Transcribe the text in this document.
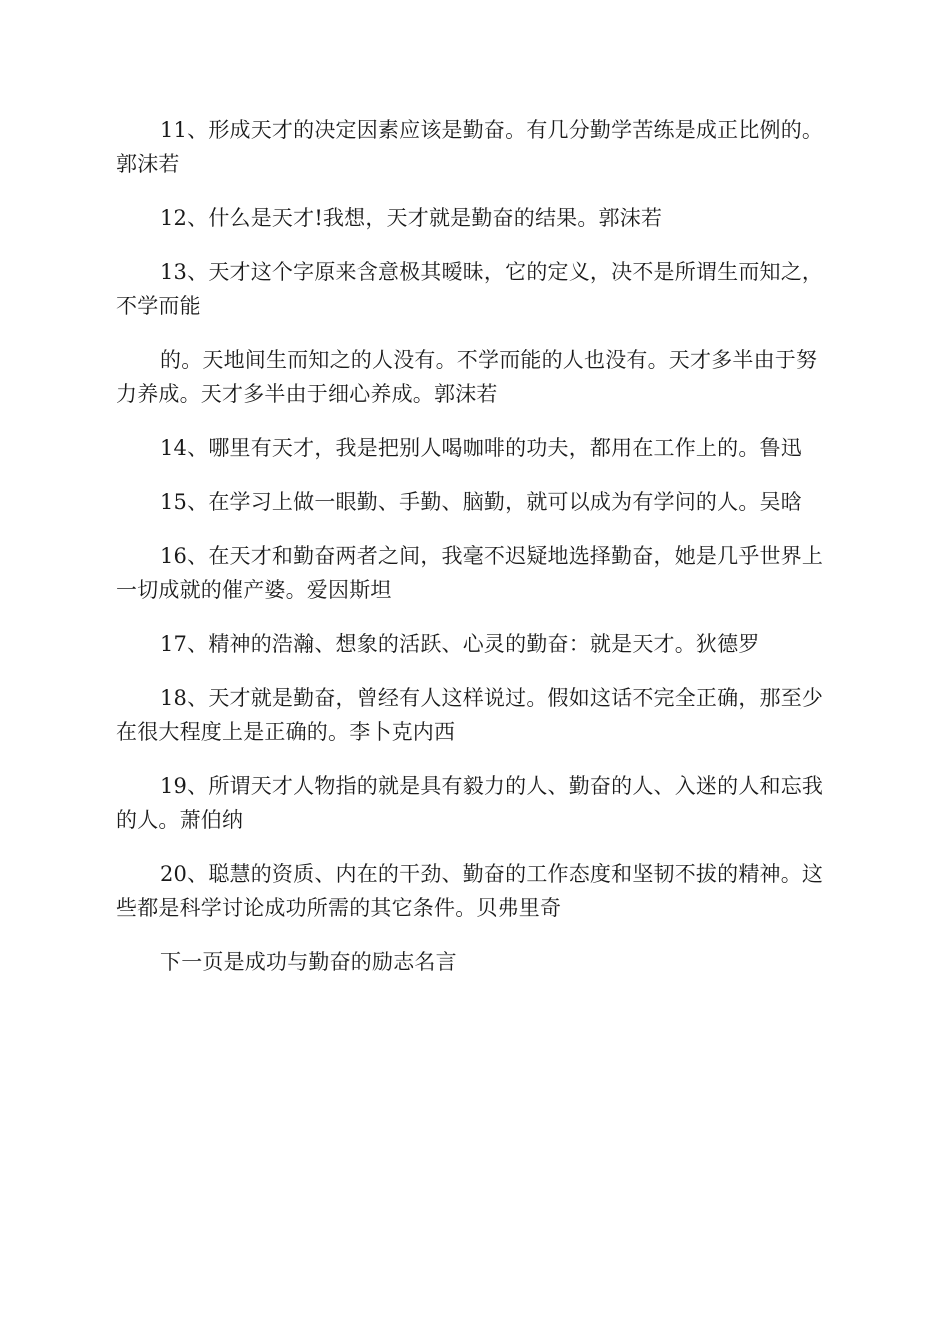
11、形成天才的决定因素应该是勤奋。有几分勤学苦练是成正比例的。郭沫若

12、什么是天才!我想，天才就是勤奋的结果。郭沫若

13、天才这个字原来含意极其暧昧，它的定义，决不是所谓生而知之，不学而能

的。天地间生而知之的人没有。不学而能的人也没有。天才多半由于努力养成。天才多半由于细心养成。郭沫若

14、哪里有天才，我是把别人喝咖啡的功夫，都用在工作上的。鲁迅

15、在学习上做一眼勤、手勤、脑勤，就可以成为有学问的人。吴晗

16、在天才和勤奋两者之间，我毫不迟疑地选择勤奋，她是几乎世界上一切成就的催产婆。爱因斯坦

17、精神的浩瀚、想象的活跃、心灵的勤奋：就是天才。狄德罗

18、天才就是勤奋，曾经有人这样说过。假如这话不完全正确，那至少在很大程度上是正确的。李卜克内西

19、所谓天才人物指的就是具有毅力的人、勤奋的人、入迷的人和忘我的人。萧伯纳

20、聪慧的资质、内在的干劲、勤奋的工作态度和坚韧不拔的精神。这些都是科学讨论成功所需的其它条件。贝弗里奇

下一页是成功与勤奋的励志名言
